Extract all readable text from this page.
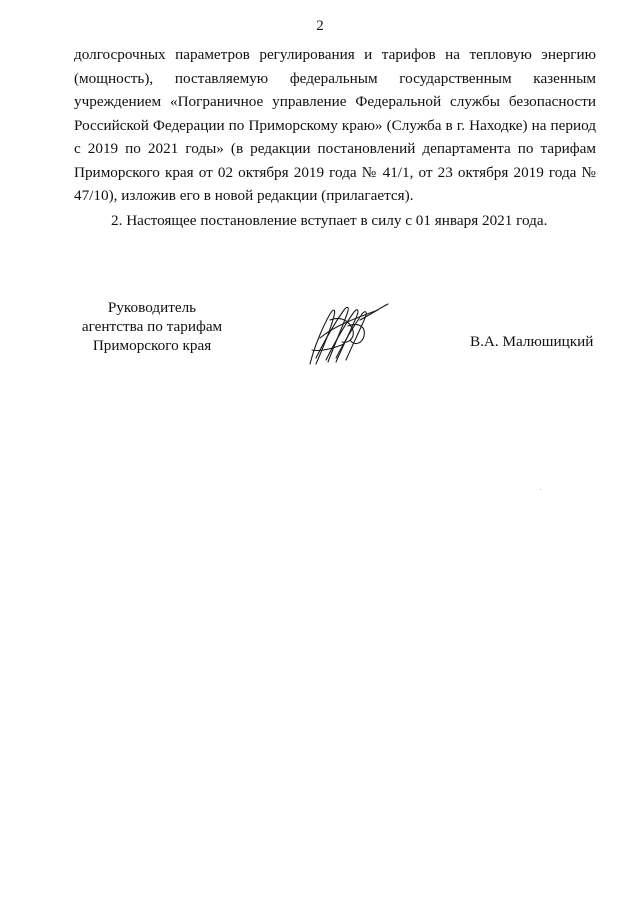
2

долгосрочных параметров регулирования и тарифов на тепловую энергию (мощность), поставляемую федеральным государственным казенным учреждением «Пограничное управление Федеральной службы безопасности Российской Федерации по Приморскому краю» (Служба в г. Находке) на период с 2019 по 2021 годы» (в редакции постановлений департамента по тарифам Приморского края от 02 октября 2019 года № 41/1, от 23 октября 2019 года № 47/10), изложив его в новой редакции (прилагается).

2. Настоящее постановление вступает в силу с 01 января 2021 года.

Руководитель
агентства по тарифам
Приморского края	В.А. Малюшицкий
